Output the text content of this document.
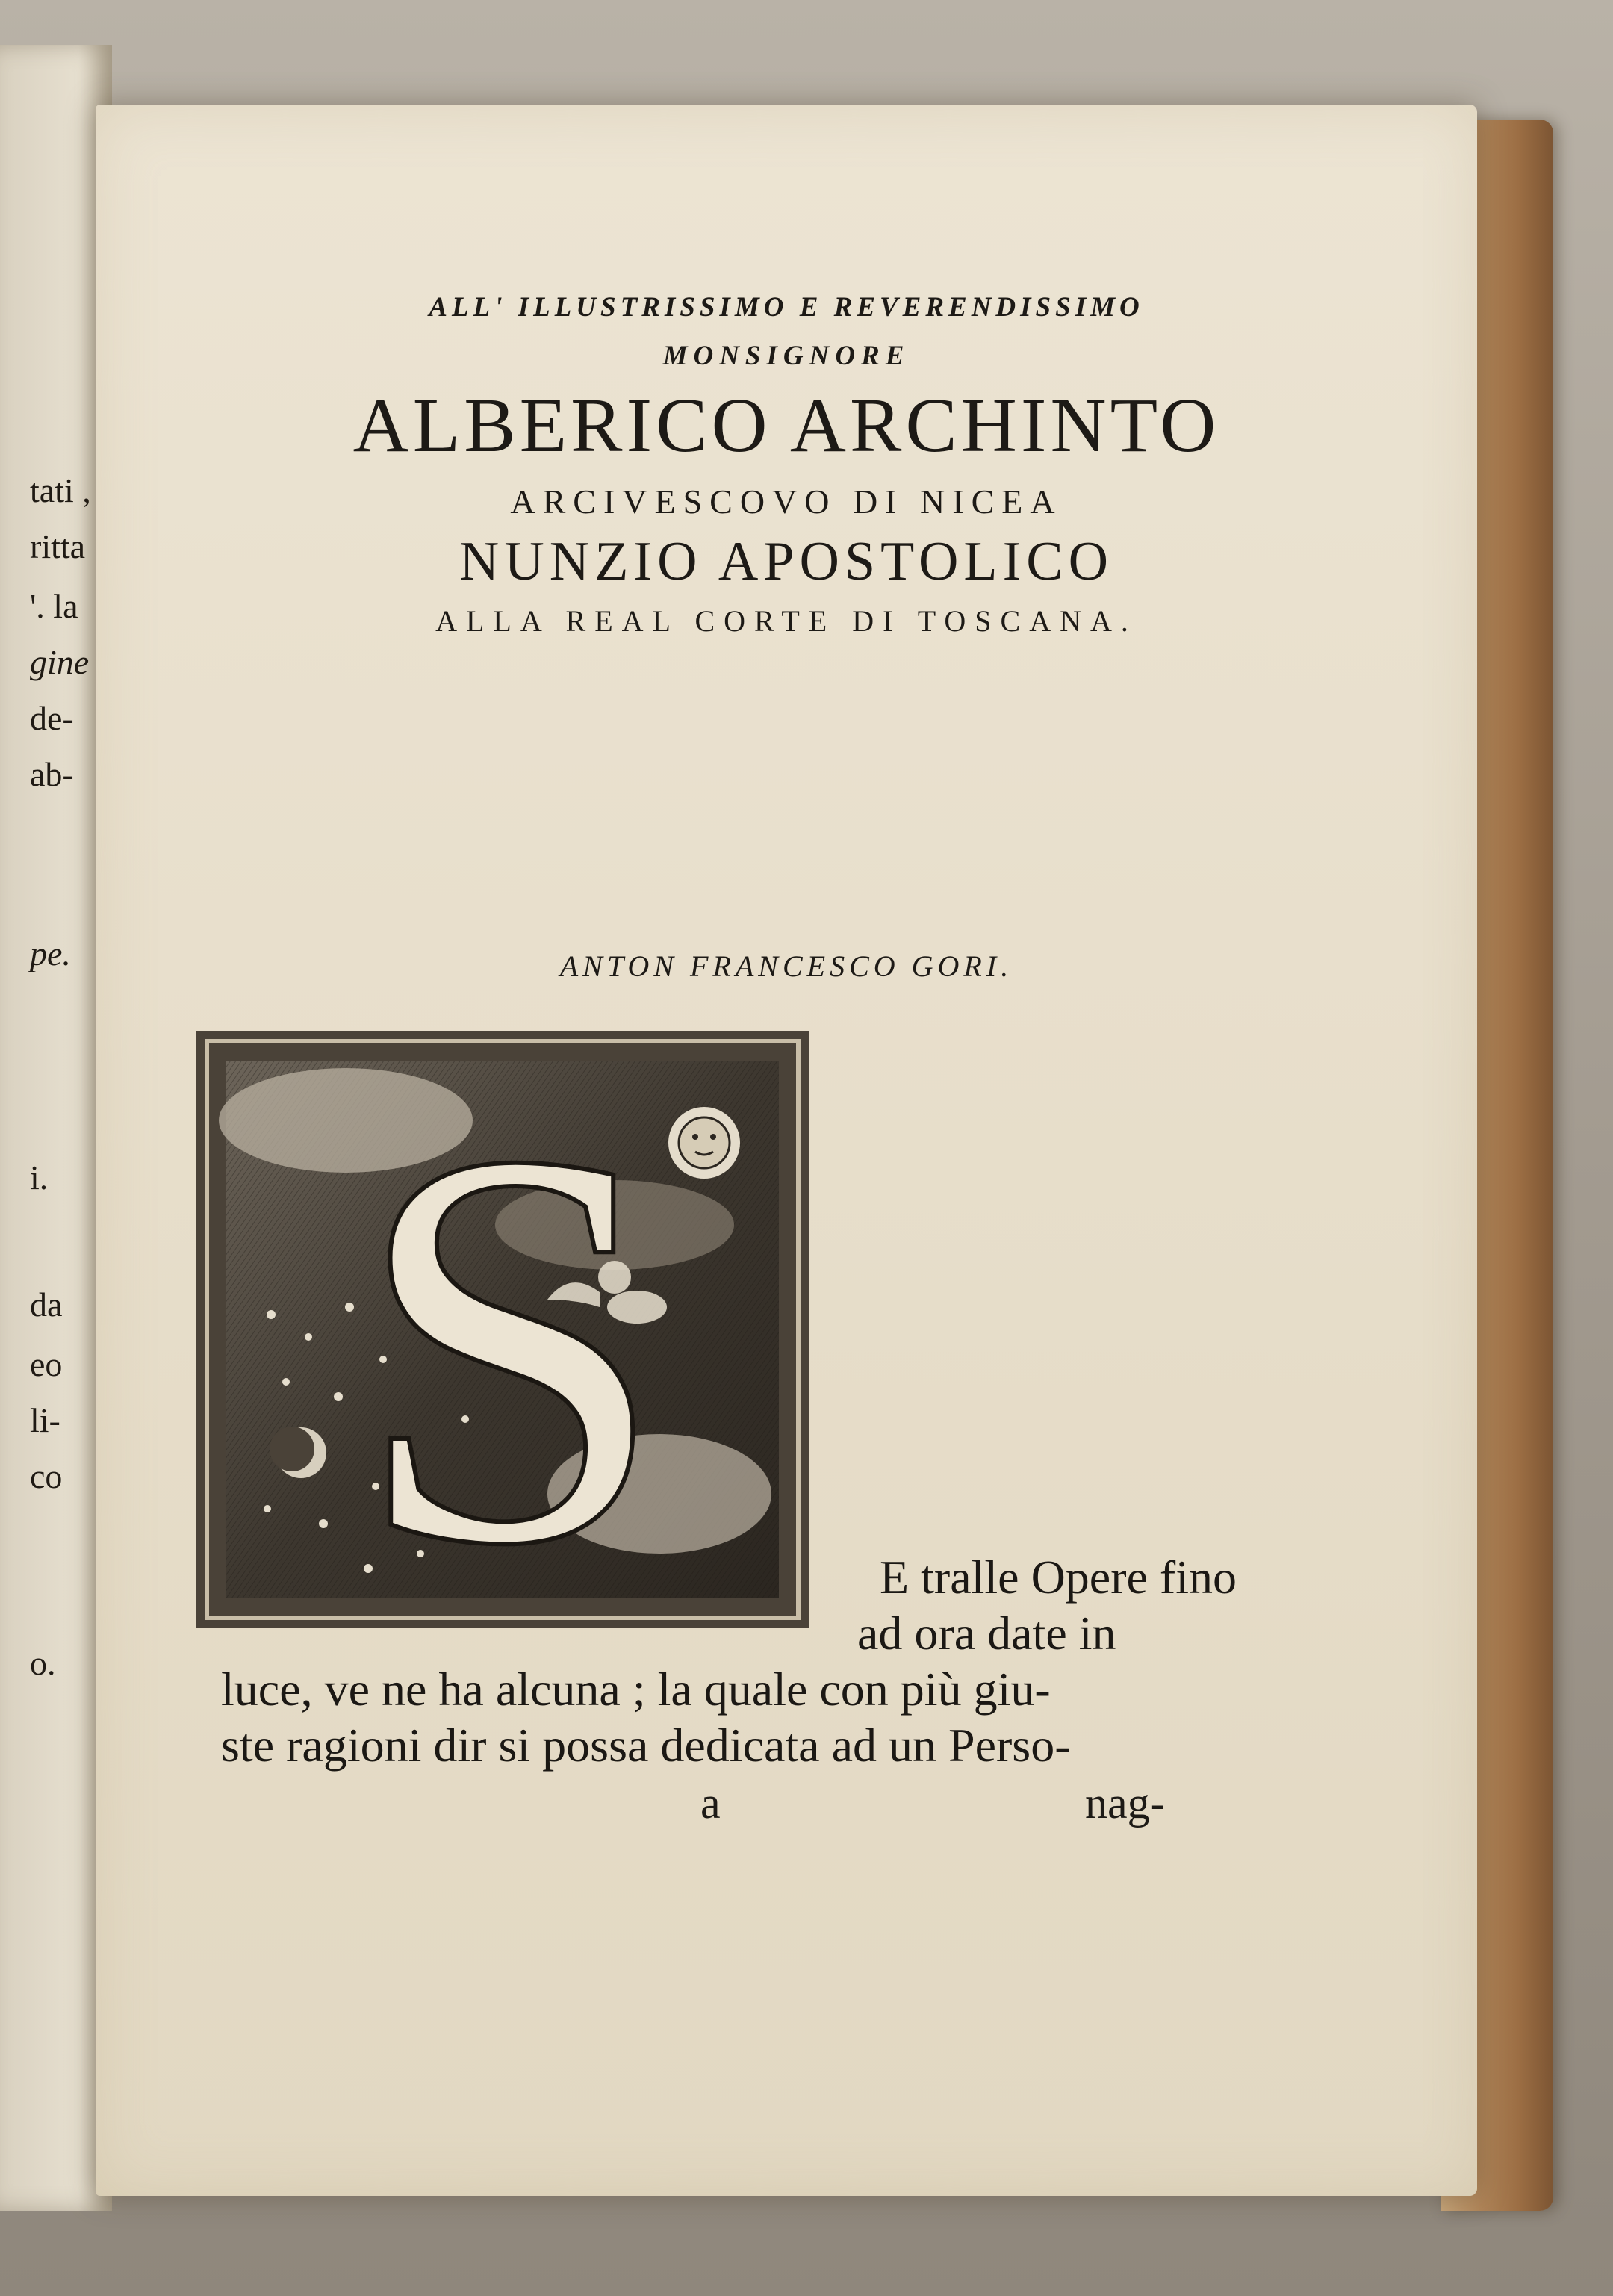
tati ,
ritta
'. la
gine
de-
ab-
pe.
i.
da
eo
li-
co
o.
ALL' ILLUSTRISSIMO E REVERENDISSIMO
MONSIGNORE
ALBERICO ARCHINTO
ARCIVESCOVO DI NICEA
NUNZIO APOSTOLICO
ALLA REAL CORTE DI TOSCANA.
ANTON FRANCESCO GORI.
S	E tralle Opere fino
ad ora date in
luce, ve ne ha alcuna ; la quale con più giu-
ste ragioni dir si possa dedicata ad un Perso-
a	nag-
